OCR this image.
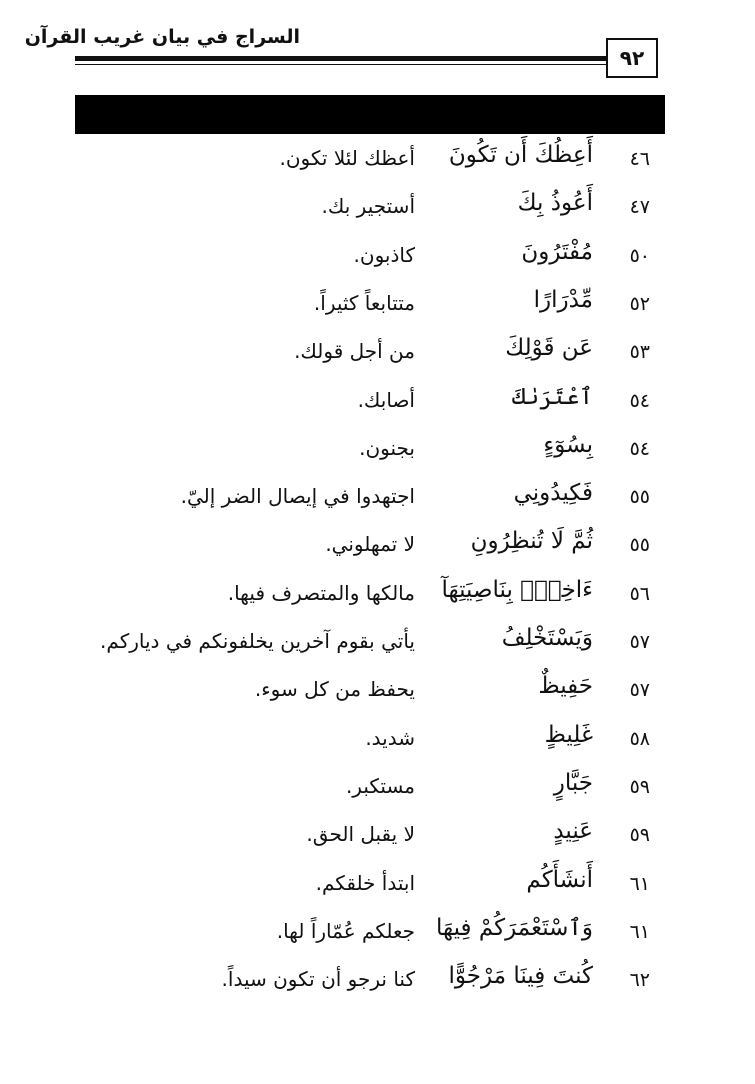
السراج في بيان غريب القرآن
٩٢
٤٦
أَعِظُكَ أَن تَكُونَ
أعظك لئلا تكون.
٤٧
أَعُوذُ بِكَ
أستجير بك.
٥٠
مُفْتَرُونَ
كاذبون.
٥٢
مِّدْرَارًا
متتابعاً كثيراً.
٥٣
عَن قَوْلِكَ
من أجل قولك.
٥٤
ٱعْتَرَىٰكَ
أصابك.
٥٤
بِسُوٓءٍ
بجنون.
٥٥
فَكِيدُونِي
اجتهدوا في إيصال الضر إليّ.
٥٥
ثُمَّ لَا تُنظِرُونِ
لا تمهلوني.
٥٦
ءَاخِذُۢ بِنَاصِيَتِهَآ
مالكها والمتصرف فيها.
٥٧
وَيَسْتَخْلِفُ
يأتي بقوم آخرين يخلفونكم في دياركم.
٥٧
حَفِيظٌ
يحفظ من كل سوء.
٥٨
غَلِيظٍ
شديد.
٥٩
جَبَّارٍ
مستكبر.
٥٩
عَنِيدٍ
لا يقبل الحق.
٦١
أَنشَأَكُم
ابتدأ خلقكم.
٦١
وَٱسْتَعْمَرَكُمْ فِيهَا
جعلكم عُمّاراً لها.
٦٢
كُنتَ فِينَا مَرْجُوًّا
كنا نرجو أن تكون سيداً.
